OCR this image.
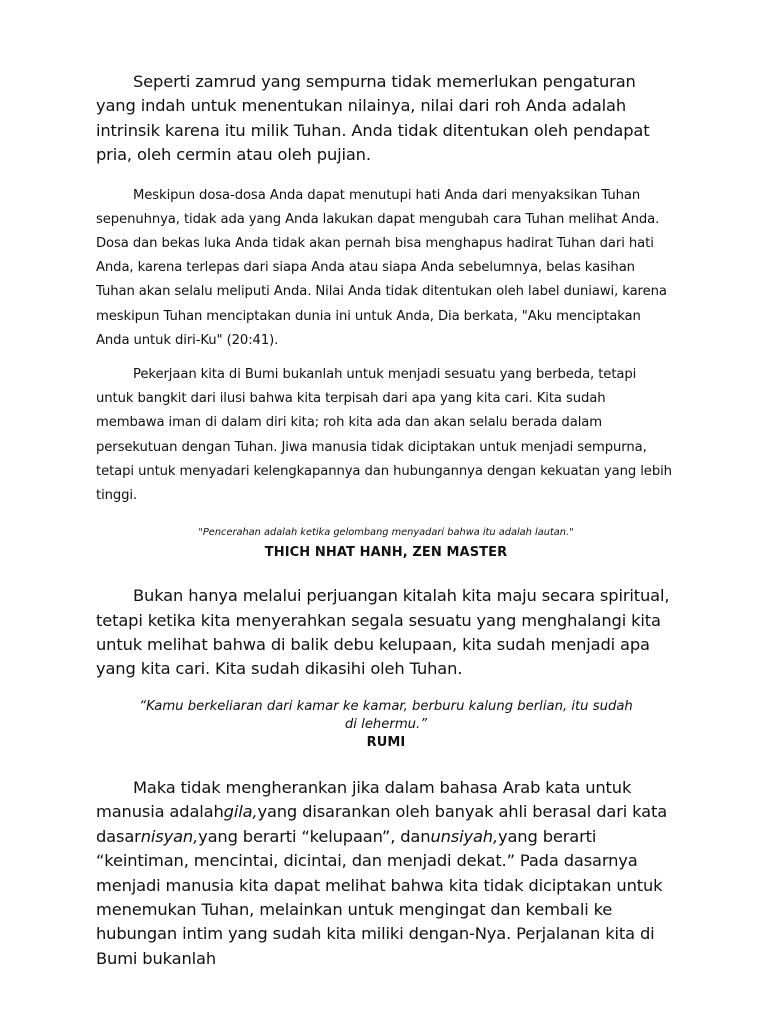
Seperti zamrud yang sempurna tidak memerlukan pengaturan yang indah untuk menentukan nilainya, nilai dari roh Anda adalah intrinsik karena itu milik Tuhan. Anda tidak ditentukan oleh pendapat pria, oleh cermin atau oleh pujian.

Meskipun dosa-dosa Anda dapat menutupi hati Anda dari menyaksikan Tuhan sepenuhnya, tidak ada yang Anda lakukan dapat mengubah cara Tuhan melihat Anda. Dosa dan bekas luka Anda tidak akan pernah bisa menghapus hadirat Tuhan dari hati Anda, karena terlepas dari siapa Anda atau siapa Anda sebelumnya, belas kasihan Tuhan akan selalu meliputi Anda. Nilai Anda tidak ditentukan oleh label duniawi, karena meskipun Tuhan menciptakan dunia ini untuk Anda, Dia berkata, "Aku menciptakan Anda untuk diri-Ku" (20:41).

Pekerjaan kita di Bumi bukanlah untuk menjadi sesuatu yang berbeda, tetapi untuk bangkit dari ilusi bahwa kita terpisah dari apa yang kita cari. Kita sudah membawa iman di dalam diri kita; roh kita ada dan akan selalu berada dalam persekutuan dengan Tuhan. Jiwa manusia tidak diciptakan untuk menjadi sempurna, tetapi untuk menyadari kelengkapannya dan hubungannya dengan kekuatan yang lebih tinggi.

"Pencerahan adalah ketika gelombang menyadari bahwa itu adalah lautan."

THICH NHAT HANH, ZEN MASTER

Bukan hanya melalui perjuangan kitalah kita maju secara spiritual, tetapi ketika kita menyerahkan segala sesuatu yang menghalangi kita untuk melihat bahwa di balik debu kelupaan, kita sudah menjadi apa yang kita cari. Kita sudah dikasihi oleh Tuhan.

“Kamu berkeliaran dari kamar ke kamar, berburu kalung berlian, itu sudah di lehermu.”

RUMI

Maka tidak mengherankan jika dalam bahasa Arab kata untuk manusia adalahgila,yang disarankan oleh banyak ahli berasal dari kata dasarnisyan,yang berarti “kelupaan”, danunsiyah,yang berarti “keintiman, mencintai, dicintai, dan menjadi dekat.” Pada dasarnya menjadi manusia kita dapat melihat bahwa kita tidak diciptakan untuk menemukan Tuhan, melainkan untuk mengingat dan kembali ke hubungan intim yang sudah kita miliki dengan-Nya. Perjalanan kita di Bumi bukanlah
